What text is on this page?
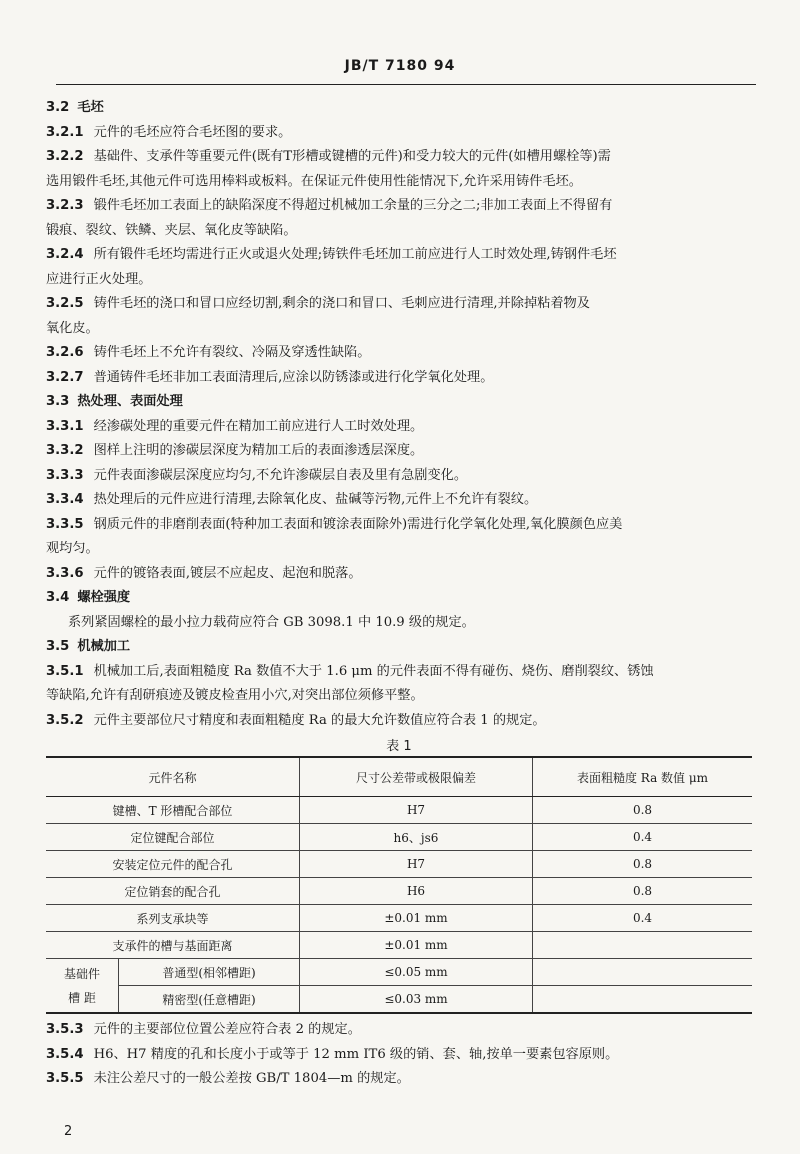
JB/T 7180 94

3.2 毛坯

3.2.1 元件的毛坯应符合毛坯图的要求。

3.2.2 基础件、支承件等重要元件(既有T形槽或键槽的元件)和受力较大的元件(如槽用螺栓等)需

选用锻件毛坯,其他元件可选用棒料或板料。在保证元件使用性能情况下,允许采用铸件毛坯。

3.2.3 锻件毛坯加工表面上的缺陷深度不得超过机械加工余量的三分之二;非加工表面上不得留有

锻痕、裂纹、铁鳞、夹层、氧化皮等缺陷。

3.2.4 所有锻件毛坯均需进行正火或退火处理;铸铁件毛坯加工前应进行人工时效处理,铸钢件毛坯

应进行正火处理。

3.2.5 铸件毛坯的浇口和冒口应经切割,剩余的浇口和冒口、毛刺应进行清理,并除掉粘着物及

氧化皮。

3.2.6 铸件毛坯上不允许有裂纹、冷隔及穿透性缺陷。

3.2.7 普通铸件毛坯非加工表面清理后,应涂以防锈漆或进行化学氧化处理。

3.3 热处理、表面处理

3.3.1 经渗碳处理的重要元件在精加工前应进行人工时效处理。

3.3.2 图样上注明的渗碳层深度为精加工后的表面渗透层深度。

3.3.3 元件表面渗碳层深度应均匀,不允许渗碳层自表及里有急剧变化。

3.3.4 热处理后的元件应进行清理,去除氧化皮、盐碱等污物,元件上不允许有裂纹。

3.3.5 钢质元件的非磨削表面(特种加工表面和镀涂表面除外)需进行化学氧化处理,氧化膜颜色应美

观均匀。

3.3.6 元件的镀铬表面,镀层不应起皮、起泡和脱落。

3.4 螺栓强度

系列紧固螺栓的最小拉力载荷应符合 GB 3098.1 中 10.9 级的规定。

3.5 机械加工

3.5.1 机械加工后,表面粗糙度 Ra 数值不大于 1.6 μm 的元件表面不得有碰伤、烧伤、磨削裂纹、锈蚀

等缺陷,允许有刮研痕迹及镀皮检查用小穴,对突出部位须修平整。

3.5.2 元件主要部位尺寸精度和表面粗糙度 Ra 的最大允许数值应符合表 1 的规定。

表 1
元件名称		尺寸公差带或极限偏差	表面粗糙度 Ra 数值 μm
键槽、T 形槽配合部位		H7	0.8
定位键配合部位		h6、js6	0.4
安装定位元件的配合孔		H7	0.8
定位销套的配合孔		H6	0.8
系列支承块等		±0.01 mm	0.4
支承件的槽与基面距离		±0.01 mm	

基础件
槽 距	普通型(相邻槽距)	≤0.05 mm	
	精密型(任意槽距)	≤0.03 mm	

3.5.3 元件的主要部位位置公差应符合表 2 的规定。

3.5.4 H6、H7 精度的孔和长度小于或等于 12 mm IT6 级的销、套、轴,按单一要素包容原则。

3.5.5 未注公差尺寸的一般公差按 GB/T 1804—m 的规定。

2
